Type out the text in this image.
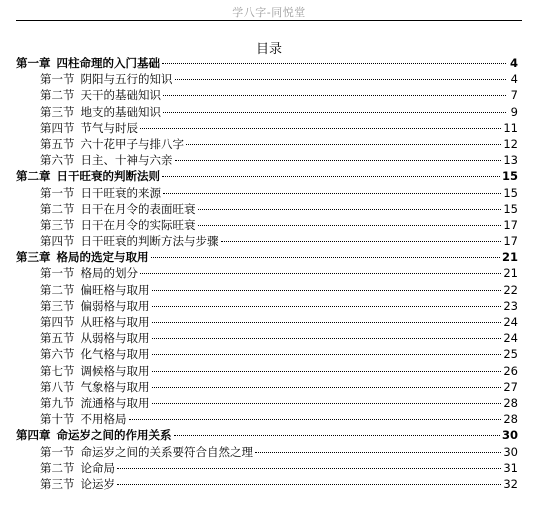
学八字-同悦堂
目录
第一章 四柱命理的入门基础	4
第一节 阴阳与五行的知识	4
第二节 天干的基础知识	7
第三节 地支的基础知识	9
第四节 节气与时辰	11
第五节 六十花甲子与排八字	12
第六节 日主、十神与六亲	13
第二章 日干旺衰的判断法则	15
第一节 日干旺衰的来源	15
第二节 日干在月令的表面旺衰	15
第三节 日干在月令的实际旺衰	17
第四节 日干旺衰的判断方法与步骤	17
第三章 格局的选定与取用	21
第一节 格局的划分	21
第二节 偏旺格与取用	22
第三节 偏弱格与取用	23
第四节 从旺格与取用	24
第五节 从弱格与取用	24
第六节 化气格与取用	25
第七节 调候格与取用	26
第八节 气象格与取用	27
第九节 流通格与取用	28
第十节 不用格局	28
第四章 命运岁之间的作用关系	30
第一节 命运岁之间的关系要符合自然之理	30
第二节 论命局	31
第三节 论运岁	32
